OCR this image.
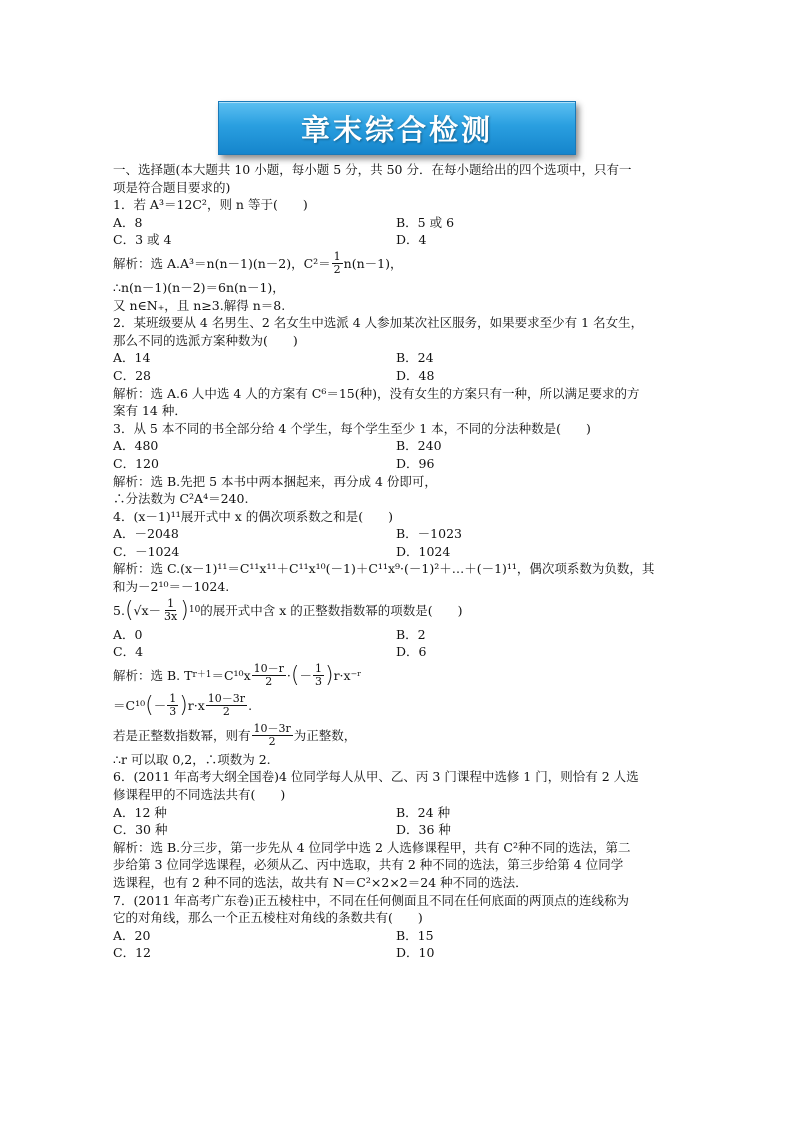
章末综合检测
一、选择题(本大题共 10 小题，每小题 5 分，共 50 分．在每小题给出的四个选项中，只有一
项是符合题目要求的)
1．若 A³＝12C²，则 n 等于(　　)
A．8	B．5 或 6
C．3 或 4	D．4
解析：选 A.A³＝n(n－1)(n－2)，$C^2= \frac{1}{2} n(n-1)$，
∴n(n－1)(n－2)＝6n(n－1)，
又 n∈N₊，且 n≥3.解得 n＝8.
2．某班级要从 4 名男生、2 名女生中选派 4 人参加某次社区服务，如果要求至少有 1 名女生，
那么不同的选派方案种数为(　　)
A．14	B．24
C．28	D．48
解析：选 A.6 人中选 4 人的方案有 C⁶＝15(种)，没有女生的方案只有一种，所以满足要求的方
案有 14 种．
3．从 5 本不同的书全部分给 4 个学生，每个学生至少 1 本，不同的分法种数是(　　)
A．480	B．240
C．120	D．96
解析：选 B.先把 5 本书中两本捆起来，再分成 4 份即可，
∴分法数为 C²A⁴＝240.
4．(x－1)¹¹展开式中 x 的偶次项系数之和是(　　)
A．－2048	B．－1023
C．－1024	D．1024
解析：选 C.(x－1)¹¹＝C¹¹x¹¹＋C¹¹x¹⁰(－1)＋C¹¹x⁹·(－1)²＋…＋(－1)¹¹，偶次项系数为负数，其
和为－2¹⁰＝－1024.
5. ( $√x- \frac{1}{3x}$ ) 10 的展开式中含 x 的正整数指数幂的项数是(　　)
A．0	B．2
C．4	D．6
解析：选 B. T $r+1 =C^{10}x \frac{10-r}{2}$ · ( － $\frac{1}{3}$ ) r·x⁻ʳ
＝C¹⁰ ( － $\frac{1}{3}$ ) $r\cdot x \frac{10-3r}{2}$ .
若是正整数指数幂，则有 $\frac{10-3r}{2}$ 为正整数，
∴r 可以取 0,2，∴项数为 2.
6．(2011 年高考大纲全国卷)4 位同学每人从甲、乙、丙 3 门课程中选修 1 门，则恰有 2 人选
修课程甲的不同选法共有(　　)
A．12 种	B．24 种
C．30 种	D．36 种
解析：选 B.分三步，第一步先从 4 位同学中选 2 人选修课程甲，共有 C²种不同的选法，第二
步给第 3 位同学选课程，必须从乙、丙中选取，共有 2 种不同的选法，第三步给第 4 位同学
选课程，也有 2 种不同的选法，故共有 N＝C²×2×2＝24 种不同的选法．
7．(2011 年高考广东卷)正五棱柱中，不同在任何侧面且不同在任何底面的两顶点的连线称为
它的对角线，那么一个正五棱柱对角线的条数共有(　　)
A．20	B．15
C．12	D．10
